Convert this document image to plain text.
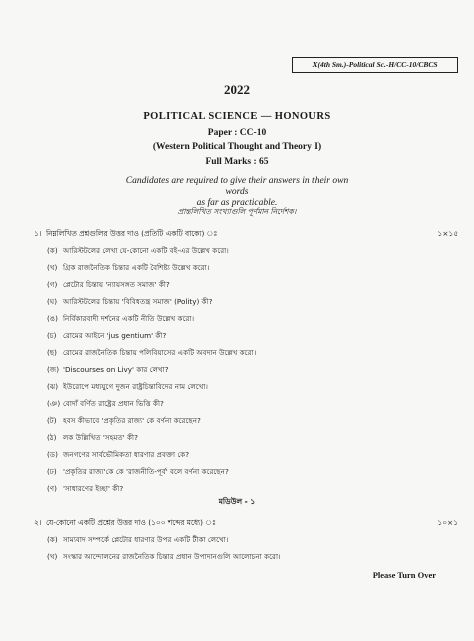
X(4th Sm.)-Political Sc.-H/CC-10/CBCS
2022
POLITICAL SCIENCE — HONOURS
Paper : CC-10
(Western Political Thought and Theory I)
Full Marks : 65
Candidates are required to give their answers in their own words
as far as practicable.
প্রান্তলিখিত সংখ্যাগুলি পূর্ণমান নির্দেশক।
১। নিম্নলিখিত প্রশ্নগুলির উত্তর দাও (প্রতিটি একটি বাক্যে) ঃ	১×১৫
(ক) আরিস্টটলের লেখা যে-কোনো একটি বই-এর উল্লেখ করো।
(খ) গ্রিক রাজনৈতিক চিন্তার একটি বৈশিষ্ট্য উল্লেখ করো।
(গ) প্লেটোর চিন্তায় 'ন্যায়সঙ্গত সমাজ' কী?
(ঘ) আরিস্টটলের চিন্তায় 'বিবিধতন্ত্র সমাজ' (Polity) কী?
(ঙ) নির্বিকারবাদী দর্শনের একটি নীতি উল্লেখ করো।
(চ) রোমের আইনে 'jus gentium' কী?
(ছ) রোমের রাজনৈতিক চিন্তায় পলিবিয়াসের একটি অবদান উল্লেখ করো।
(জ) 'Discourses on Livy' কার লেখা?
(ঝ) ইউরোপে মধ্যযুগে দুজন রাষ্ট্রচিন্তাবিদের নাম লেখো।
(ঞ) বোদাঁ বর্ণিত রাষ্ট্রের প্রধান ভিত্তি কী?
(ট) হবস কীভাবে 'প্রকৃতির রাজ্য' কে বর্ণনা করেছেন?
(ঠ) লক উল্লিখিত 'সহমত' কী?
(ড) জনগণের সার্বভৌমিকতা ধারণার প্রবক্তা কে?
(ঢ) 'প্রকৃতির রাজ্য'কে কে 'রাজনীতি-পূর্ব' বলে বর্ণনা করেছেন?
(ণ) 'সাধারণের ইচ্ছা' কী?
মডিউল - ১
২। যে-কোনো একটি প্রশ্নের উত্তর দাও (১০০ শব্দের মধ্যে) ঃ	১০×১
(ক) সাম্যবাদ সম্পর্কে প্লেটোর ধারণার উপর একটি টীকা লেখো।
(খ) সংস্কার আন্দোলনের রাজনৈতিক চিন্তার প্রধান উপাদানগুলি আলোচনা করো।
Please Turn Over
